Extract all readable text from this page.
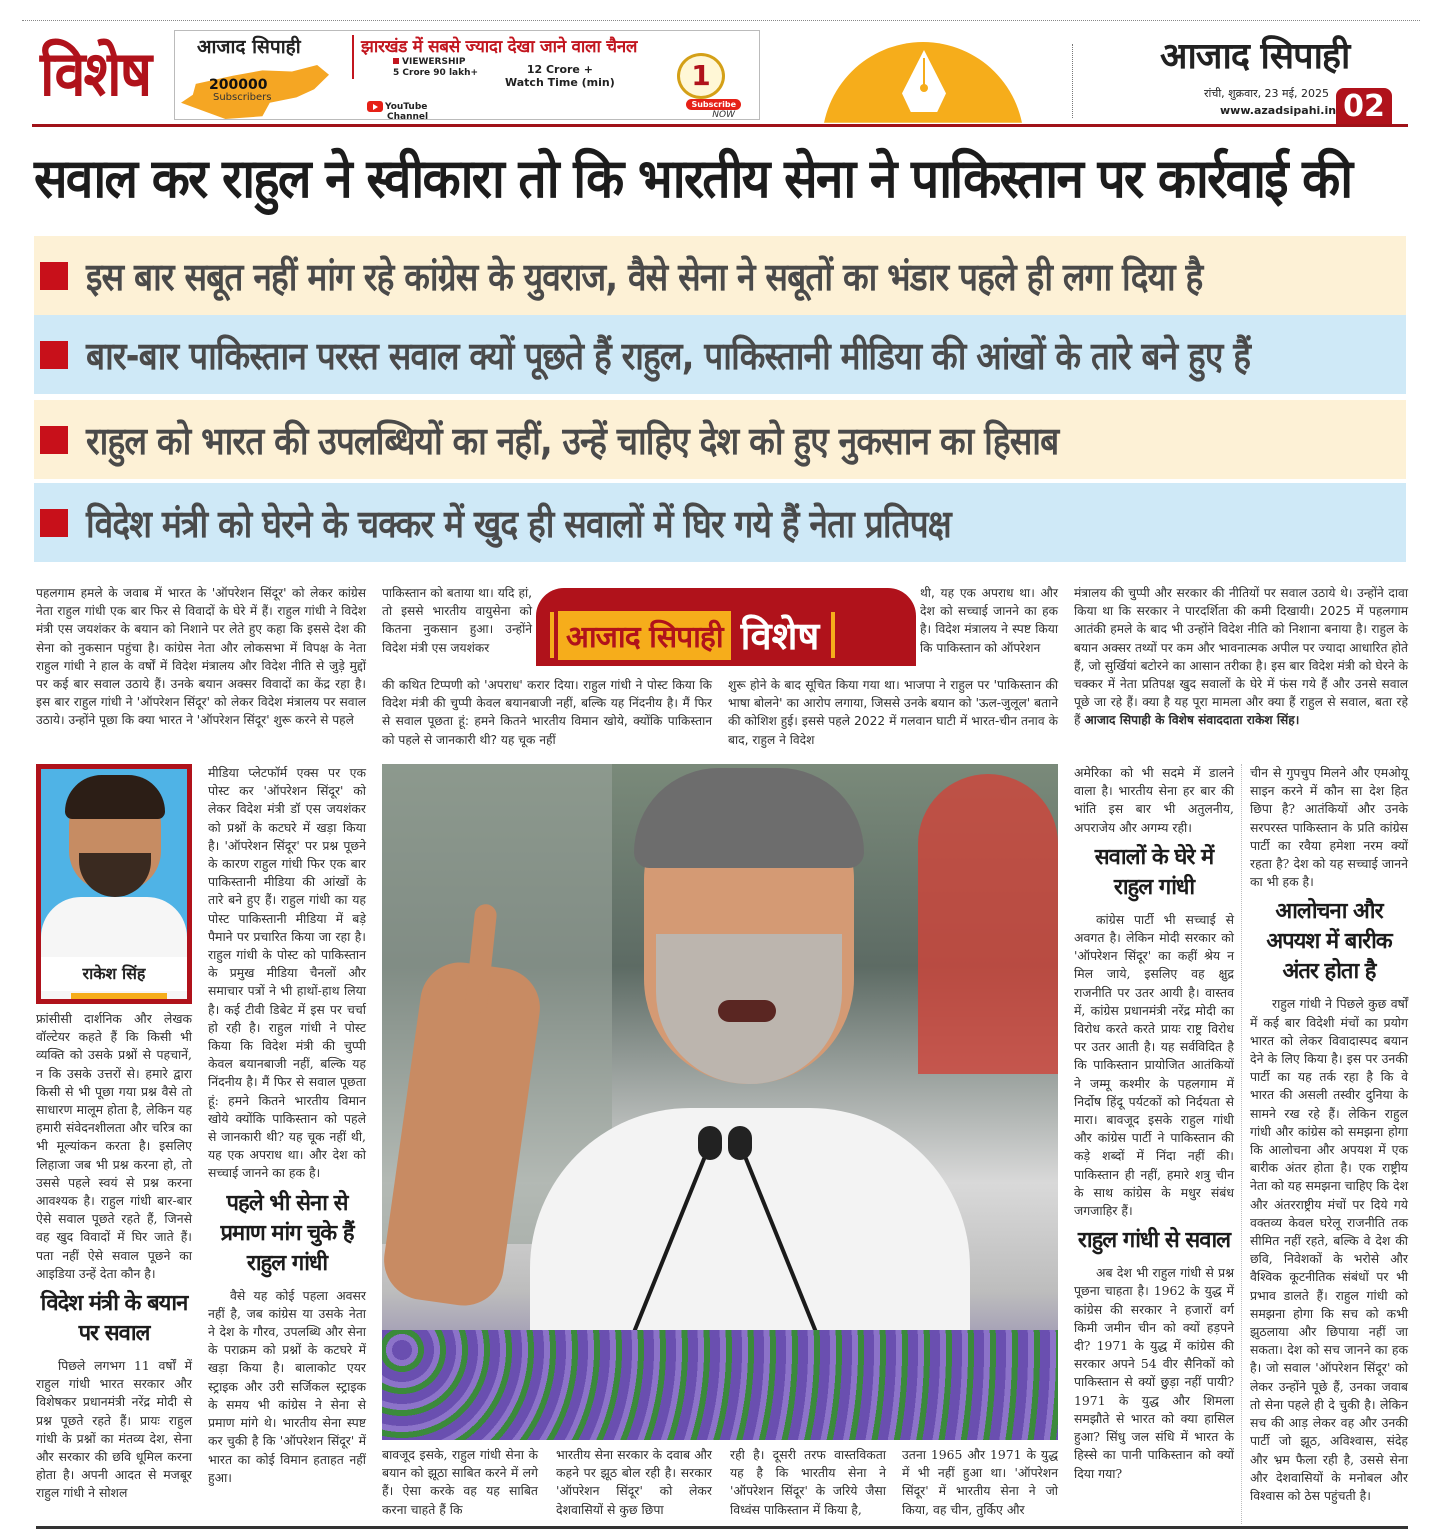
विशेष आजाद सिपाही	झारखंड में सबसे ज्यादा देखा जाने वाला चैनल
200000
Subscribers
VIEWERSHIP
5 Crore 90 lakh+	12 Crore +
Watch Time (min)
YouTube
Channel
1
Subscribe
NOW
आजाद सिपाही
रांची, शुक्रवार, 23 मई, 2025
www.azadsipahi.in 02
सवाल कर राहुल ने स्वीकारा तो कि भारतीय सेना ने पाकिस्तान पर कार्रवाई की
इस बार सबूत नहीं मांग रहे कांग्रेस के युवराज, वैसे सेना ने सबूतों का भंडार पहले ही लगा दिया है
बार-बार पाकिस्तान परस्त सवाल क्यों पूछते हैं राहुल, पाकिस्तानी मीडिया की आंखों के तारे बने हुए हैं
राहुल को भारत की उपलब्धियों का नहीं, उन्हें चाहिए देश को हुए नुकसान का हिसाब
विदेश मंत्री को घेरने के चक्कर में खुद ही सवालों में घिर गये हैं नेता प्रतिपक्ष

पहलगाम हमले के जवाब में भारत के 'ऑपरेशन सिंदूर' को लेकर कांग्रेस नेता राहुल गांधी एक बार फिर से विवादों के घेरे में हैं। राहुल गांधी ने विदेश मंत्री एस जयशंकर के बयान को निशाने पर लेते हुए कहा कि इससे देश की सेना को नुकसान पहुंचा है। कांग्रेस नेता और लोकसभा में विपक्ष के नेता राहुल गांधी ने हाल के वर्षों में विदेश मंत्रालय और विदेश नीति से जुड़े मुद्दों पर कई बार सवाल उठाये हैं। उनके बयान अक्सर विवादों का केंद्र रहा है। इस बार राहुल गांधी ने 'ऑपरेशन सिंदूर' को लेकर विदेश मंत्रालय पर सवाल उठाये। उन्होंने पूछा कि क्या भारत ने 'ऑपरेशन सिंदूर' शुरू करने से पहले

पाकिस्तान को बताया था। यदि हां, तो इससे भारतीय वायुसेना को कितना नुकसान हुआ। उन्होंने विदेश मंत्री एस जयशंकर

की कथित टिप्पणी को 'अपराध' करार दिया। राहुल गांधी ने पोस्ट किया कि विदेश मंत्री की चुप्पी केवल बयानबाजी नहीं, बल्कि यह निंदनीय है। मैं फिर से सवाल पूछता हूं: हमने कितने भारतीय विमान खोये, क्योंकि पाकिस्तान को पहले से जानकारी थी? यह चूक नहीं

थी, यह एक अपराध था। और देश को सच्चाई जानने का हक है। विदेश मंत्रालय ने स्पष्ट किया कि पाकिस्तान को ऑपरेशन

शुरू होने के बाद सूचित किया गया था। भाजपा ने राहुल पर 'पाकिस्तान की भाषा बोलने' का आरोप लगाया, जिससे उनके बयान को 'ऊल-जुलूल' बताने की कोशिश हुई। इससे पहले 2022 में गलवान घाटी में भारत-चीन तनाव के बाद, राहुल ने विदेश

मंत्रालय की चुप्पी और सरकार की नीतियों पर सवाल उठाये थे। उन्होंने दावा किया था कि सरकार ने पारदर्शिता की कमी दिखायी। 2025 में पहलगाम आतंकी हमले के बाद भी उन्होंने विदेश नीति को निशाना बनाया है। राहुल के बयान अक्सर तथ्यों पर कम और भावनात्मक अपील पर ज्यादा आधारित होते हैं, जो सुर्खियां बटोरने का आसान तरीका है। इस बार विदेश मंत्री को घेरने के चक्कर में नेता प्रतिपक्ष खुद सवालों के घेरे में फंस गये हैं और उनसे सवाल पूछे जा रहे हैं। क्या है यह पूरा मामला और क्या हैं राहुल से सवाल, बता रहे हैं आजाद सिपाही के विशेष संवाददाता राकेश सिंह।

आजाद सिपाही विशेष
राकेश सिंह

फ्रांसीसी दार्शनिक और लेखक वॉल्टेयर कहते हैं कि किसी भी व्यक्ति को उसके प्रश्नों से पहचानें, न कि उसके उत्तरों से। हमारे द्वारा किसी से भी पूछा गया प्रश्न वैसे तो साधारण मालूम होता है, लेकिन यह हमारी संवेदनशीलता और चरित्र का भी मूल्यांकन करता है। इसलिए लिहाजा जब भी प्रश्न करना हो, तो उससे पहले स्वयं से प्रश्न करना आवश्यक है। राहुल गांधी बार-बार ऐसे सवाल पूछते रहते हैं, जिनसे वह खुद विवादों में घिर जाते हैं। पता नहीं ऐसे सवाल पूछने का आइडिया उन्हें देता कौन है।

विदेश मंत्री के बयान पर सवाल

पिछले लगभग 11 वर्षों में राहुल गांधी भारत सरकार और विशेषकर प्रधानमंत्री नरेंद्र मोदी से प्रश्न पूछते रहते हैं। प्रायः राहुल गांधी के प्रश्नों का मंतव्य देश, सेना और सरकार की छवि धूमिल करना होता है। अपनी आदत से मजबूर राहुल गांधी ने सोशल

मीडिया प्लेटफॉर्म एक्स पर एक पोस्ट कर 'ऑपरेशन सिंदूर' को लेकर विदेश मंत्री डॉ एस जयशंकर को प्रश्नों के कटघरे में खड़ा किया है। 'ऑपरेशन सिंदूर' पर प्रश्न पूछने के कारण राहुल गांधी फिर एक बार पाकिस्तानी मीडिया की आंखों के तारे बने हुए हैं। राहुल गांधी का यह पोस्ट पाकिस्तानी मीडिया में बड़े पैमाने पर प्रचारित किया जा रहा है। राहुल गांधी के पोस्ट को पाकिस्तान के प्रमुख मीडिया चैनलों और समाचार पत्रों ने भी हाथों-हाथ लिया है। कई टीवी डिबेट में इस पर चर्चा हो रही है। राहुल गांधी ने पोस्ट किया कि विदेश मंत्री की चुप्पी केवल बयानबाजी नहीं, बल्कि यह निंदनीय है। मैं फिर से सवाल पूछता हूं: हमने कितने भारतीय विमान खोये क्योंकि पाकिस्तान को पहले से जानकारी थी? यह चूक नहीं थी, यह एक अपराध था। और देश को सच्चाई जानने का हक है।

पहले भी सेना से प्रमाण मांग चुके हैं राहुल गांधी

वैसे यह कोई पहला अवसर नहीं है, जब कांग्रेस या उसके नेता ने देश के गौरव, उपलब्धि और सेना के पराक्रम को प्रश्नों के कटघरे में खड़ा किया है। बालाकोट एयर स्ट्राइक और उरी सर्जिकल स्ट्राइक के समय भी कांग्रेस ने सेना से प्रमाण मांगे थे। भारतीय सेना स्पष्ट कर चुकी है कि 'ऑपरेशन सिंदूर' में भारत का कोई विमान हताहत नहीं हुआ।

बावजूद इसके, राहुल गांधी सेना के बयान को झूठा साबित करने में लगे हैं। ऐसा करके वह यह साबित करना चाहते हैं कि

भारतीय सेना सरकार के दवाब और कहने पर झूठ बोल रही है। सरकार 'ऑपरेशन सिंदूर' को लेकर देशवासियों से कुछ छिपा

रही है। दूसरी तरफ वास्तविकता यह है कि भारतीय सेना ने 'ऑपरेशन सिंदूर' के जरिये जैसा विध्वंस पाकिस्तान में किया है,

उतना 1965 और 1971 के युद्ध में भी नहीं हुआ था। 'ऑपरेशन सिंदूर' में भारतीय सेना ने जो किया, वह चीन, तुर्किए और

अमेरिका को भी सदमे में डालने वाला है। भारतीय सेना हर बार की भांति इस बार भी अतुलनीय, अपराजेय और अगम्य रही।

सवालों के घेरे में राहुल गांधी

कांग्रेस पार्टी भी सच्चाई से अवगत है। लेकिन मोदी सरकार को 'ऑपरेशन सिंदूर' का कहीं श्रेय न मिल जाये, इसलिए वह क्षुद्र राजनीति पर उतर आयी है। वास्तव में, कांग्रेस प्रधानमंत्री नरेंद्र मोदी का विरोध करते करते प्रायः राष्ट्र विरोध पर उतर आती है। यह सर्वविदित है कि पाकिस्तान प्रायोजित आतंकियों ने जम्मू कश्मीर के पहलगाम में निर्दोष हिंदू पर्यटकों को निर्दयता से मारा। बावजूद इसके राहुल गांधी और कांग्रेस पार्टी ने पाकिस्तान की कड़े शब्दों में निंदा नहीं की। पाकिस्तान ही नहीं, हमारे शत्रु चीन के साथ कांग्रेस के मधुर संबंध जगजाहिर हैं।

राहुल गांधी से सवाल

अब देश भी राहुल गांधी से प्रश्न पूछना चाहता है। 1962 के युद्ध में कांग्रेस की सरकार ने हजारों वर्ग किमी जमीन चीन को क्यों हड़पने दी? 1971 के युद्ध में कांग्रेस की सरकार अपने 54 वीर सैनिकों को पाकिस्तान से क्यों छुड़ा नहीं पायी? 1971 के युद्ध और शिमला समझौते से भारत को क्या हासिल हुआ? सिंधु जल संधि में भारत के हिस्से का पानी पाकिस्तान को क्यों दिया गया?

चीन से गुपचुप मिलने और एमओयू साइन करने में कौन सा देश हित छिपा है? आतंकियों और उनके सरपरस्त पाकिस्तान के प्रति कांग्रेस पार्टी का रवैया हमेशा नरम क्यों रहता है? देश को यह सच्चाई जानने का भी हक है।

आलोचना और अपयश में बारीक अंतर होता है

राहुल गांधी ने पिछले कुछ वर्षों में कई बार विदेशी मंचों का प्रयोग भारत को लेकर विवादास्पद बयान देने के लिए किया है। इस पर उनकी पार्टी का यह तर्क रहा है कि वे भारत की असली तस्वीर दुनिया के सामने रख रहे हैं। लेकिन राहुल गांधी और कांग्रेस को समझना होगा कि आलोचना और अपयश में एक बारीक अंतर होता है। एक राष्ट्रीय नेता को यह समझना चाहिए कि देश और अंतरराष्ट्रीय मंचों पर दिये गये वक्तव्य केवल घरेलू राजनीति तक सीमित नहीं रहते, बल्कि वे देश की छवि, निवेशकों के भरोसे और वैश्विक कूटनीतिक संबंधों पर भी प्रभाव डालते हैं। राहुल गांधी को समझना होगा कि सच को कभी झुठलाया और छिपाया नहीं जा सकता। देश को सच जानने का हक है। जो सवाल 'ऑपरेशन सिंदूर' को लेकर उन्होंने पूछे हैं, उनका जवाब तो सेना पहले ही दे चुकी है। लेकिन सच की आड़ लेकर वह और उनकी पार्टी जो झूठ, अविश्वास, संदेह और भ्रम फैला रही है, उससे सेना और देशवासियों के मनोबल और विश्वास को ठेस पहुंचती है।
